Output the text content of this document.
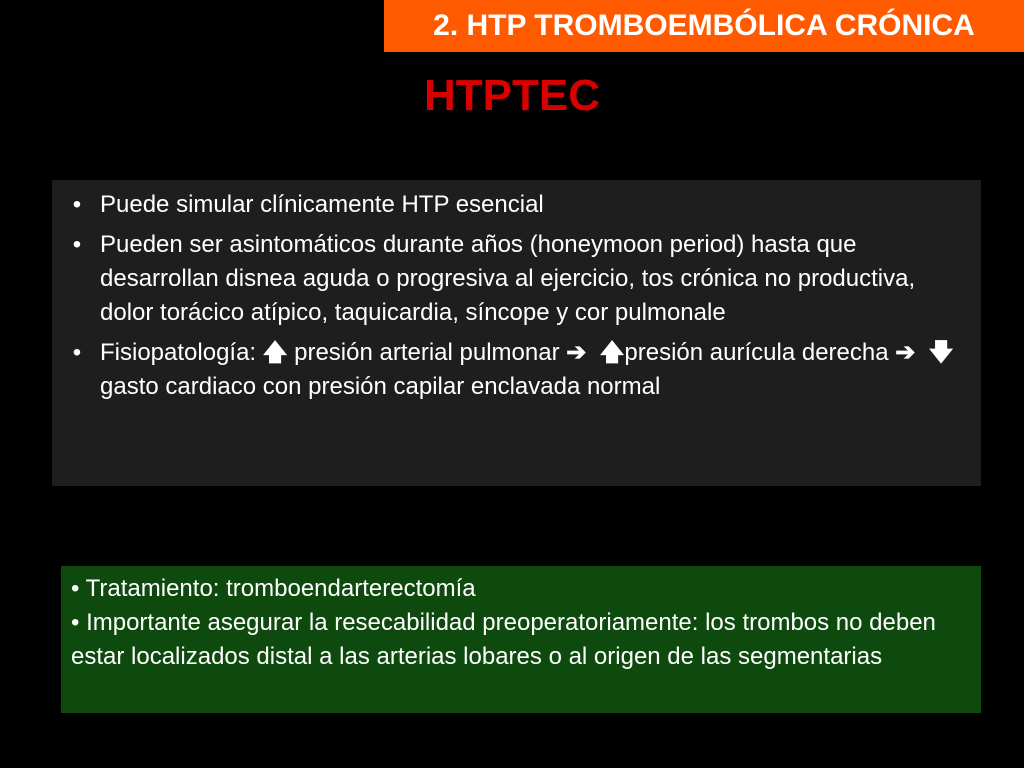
2. HTP TROMBOEMBÓLICA CRÓNICA
HTPTEC
• Puede simular clínicamente HTP esencial
• Pueden ser asintomáticos durante años (honeymoon period) hasta que desarrollan disnea aguda o progresiva al ejercicio, tos crónica no productiva, dolor torácico atípico, taquicardia, síncope y cor pulmonale
• Fisiopatología: 🡅 presión arterial pulmonar ➔ 🡅presión aurícula derecha ➔ 🡇gasto cardiaco con presión capilar enclavada normal
• Tratamiento: tromboendarterectomía
• Importante asegurar la resecabilidad preoperatoriamente: los trombos no deben estar localizados distal a las arterias lobares o al origen de las segmentarias
